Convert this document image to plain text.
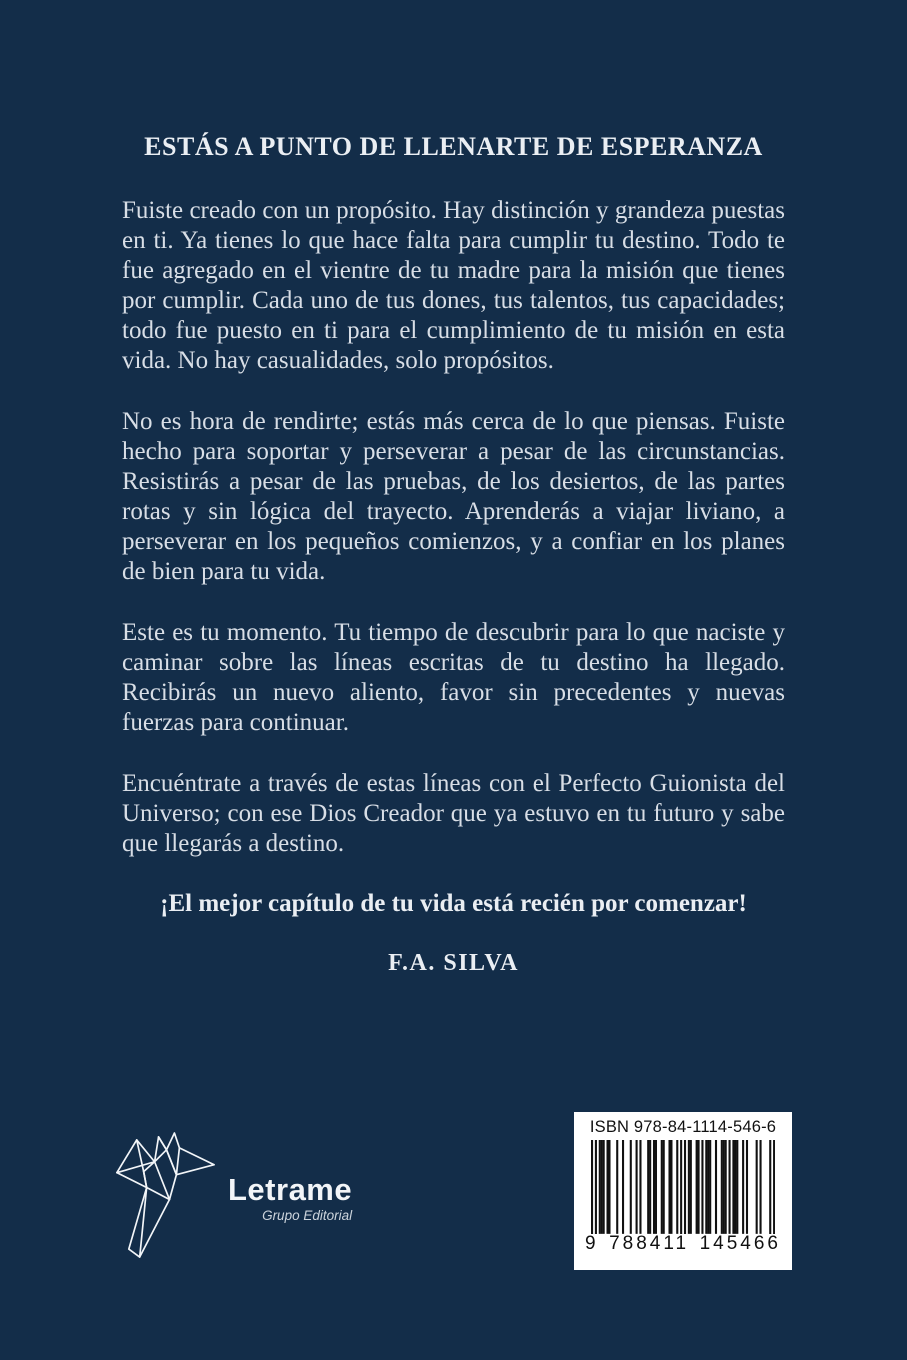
ESTÁS A PUNTO DE LLENARTE DE ESPERANZA

Fuiste creado con un propósito. Hay distinción y grandeza puestas en ti. Ya tienes lo que hace falta para cumplir tu destino. Todo te fue agregado en el vientre de tu madre para la misión que tienes por cumplir. Cada uno de tus dones, tus talentos, tus capacidades; todo fue puesto en ti para el cumplimiento de tu misión en esta vida. No hay casualidades, solo propósitos.

No es hora de rendirte; estás más cerca de lo que piensas. Fuiste hecho para soportar y perseverar a pesar de las circunstancias. Resistirás a pesar de las pruebas, de los desiertos, de las partes rotas y sin lógica del trayecto. Aprenderás a viajar liviano, a perseverar en los pequeños comienzos, y a confiar en los planes de bien para tu vida.

Este es tu momento. Tu tiempo de descubrir para lo que naciste y caminar sobre las líneas escritas de tu destino ha llegado. Recibirás un nuevo aliento, favor sin precedentes y nuevas fuerzas para continuar.

Encuéntrate a través de estas líneas con el Perfecto Guionista del Universo; con ese Dios Creador que ya estuvo en tu futuro y sabe que llegarás a destino.

¡El mejor capítulo de tu vida está recién por comenzar!

F.A. SILVA

Letrame
Grupo Editorial
ISBN 978-84-1114-546-6
9 788411 145466
